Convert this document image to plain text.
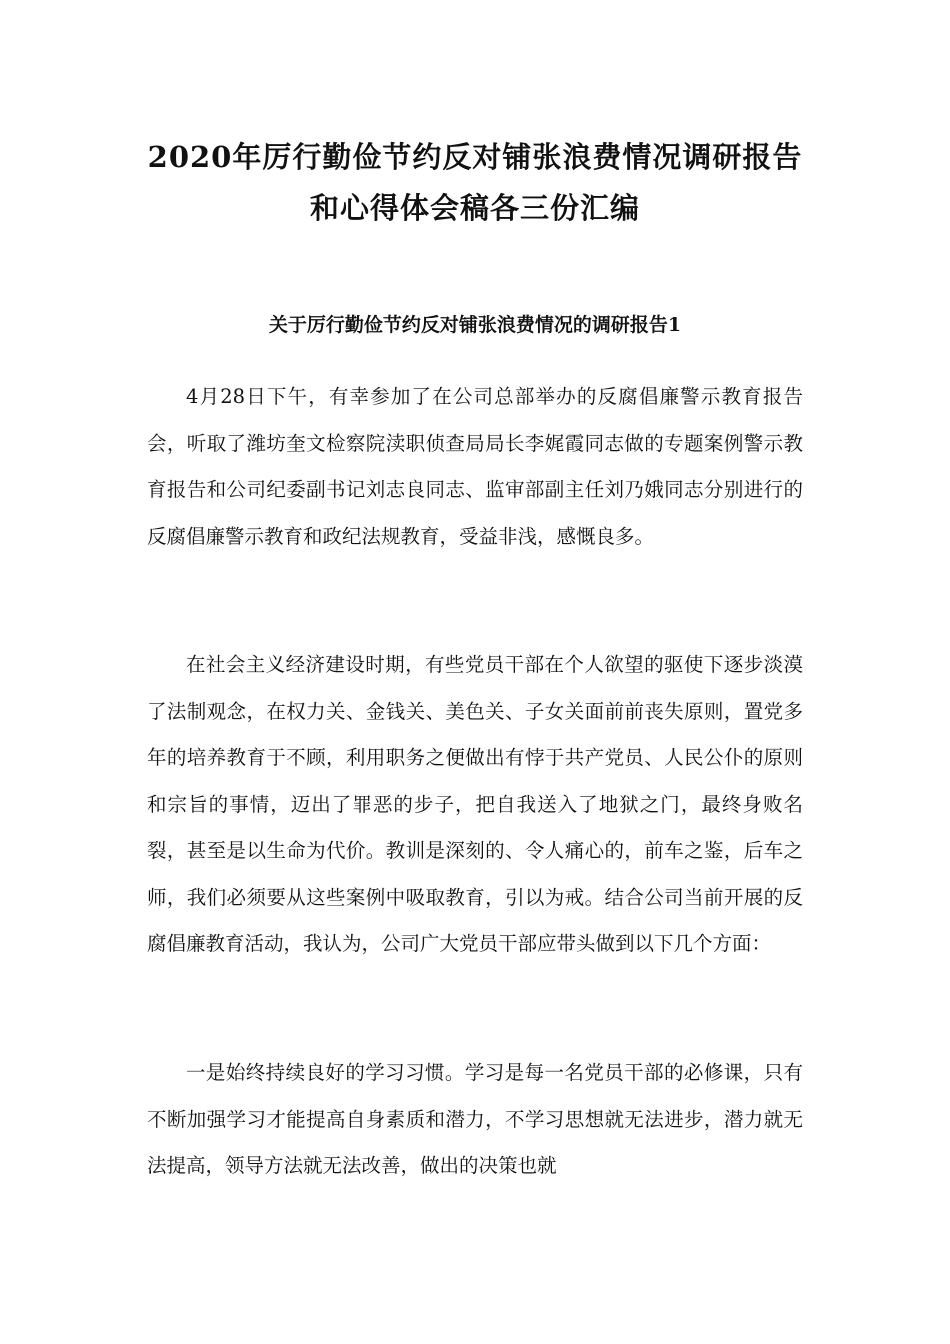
2020年厉行勤俭节约反对铺张浪费情况调研报告
和心得体会稿各三份汇编
关于厉行勤俭节约反对铺张浪费情况的调研报告1

4月28日下午，有幸参加了在公司总部举办的反腐倡廉警示教育报告会，听取了潍坊奎文检察院渎职侦查局局长李娓霞同志做的专题案例警示教育报告和公司纪委副书记刘志良同志、监审部副主任刘乃娥同志分别进行的反腐倡廉警示教育和政纪法规教育，受益非浅，感慨良多。

在社会主义经济建设时期，有些党员干部在个人欲望的驱使下逐步淡漠了法制观念，在权力关、金钱关、美色关、子女关面前前丧失原则，置党多年的培养教育于不顾，利用职务之便做出有悖于共产党员、人民公仆的原则和宗旨的事情，迈出了罪恶的步子，把自我送入了地狱之门，最终身败名裂，甚至是以生命为代价。教训是深刻的、令人痛心的，前车之鉴，后车之师，我们必须要从这些案例中吸取教育，引以为戒。结合公司当前开展的反腐倡廉教育活动，我认为，公司广大党员干部应带头做到以下几个方面：

一是始终持续良好的学习习惯。学习是每一名党员干部的必修课，只有不断加强学习才能提高自身素质和潜力，不学习思想就无法进步，潜力就无法提高，领导方法就无法改善，做出的决策也就
